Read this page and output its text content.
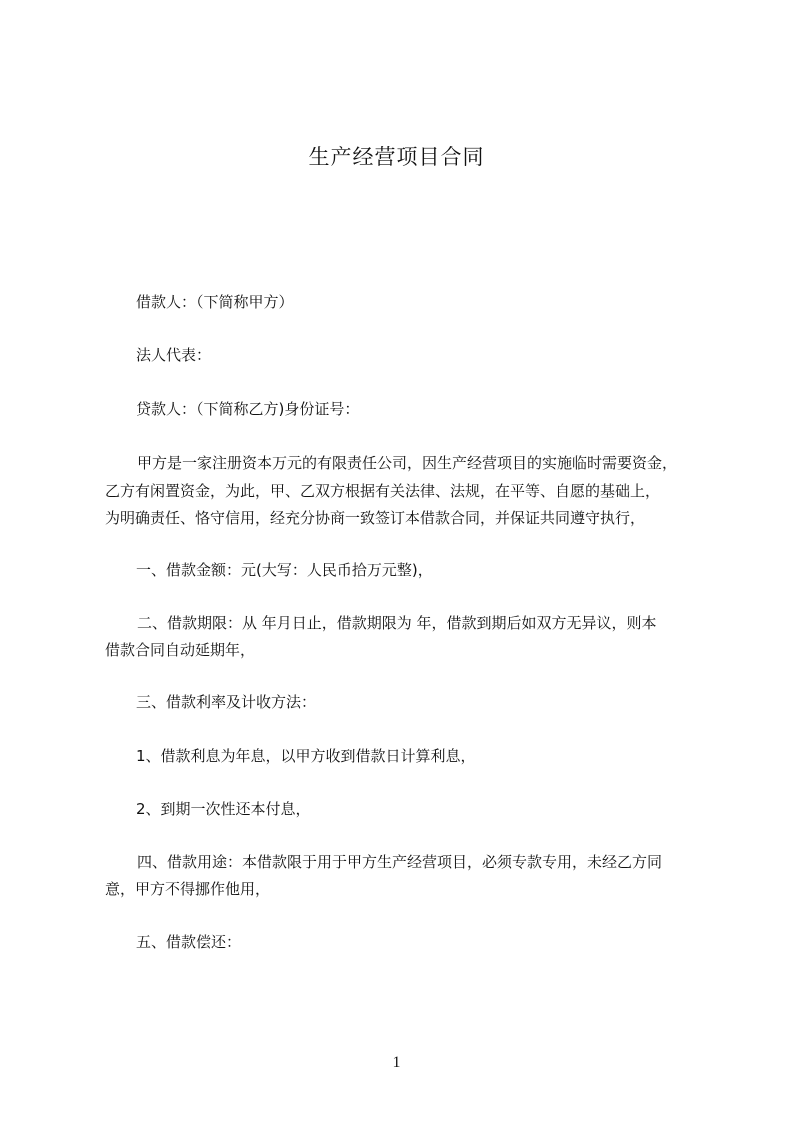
生产经营项目合同
借款人：（下简称甲方）
法人代表：
贷款人：（下简称乙方)身份证号：
甲方是一家注册资本万元的有限责任公司，因生产经营项目的实施临时需要资金，
乙方有闲置资金，为此，甲、乙双方根据有关法律、法规，在平等、自愿的基础上，
为明确责任、恪守信用，经充分协商一致签订本借款合同，并保证共同遵守执行，
一、借款金额：元(大写：人民币拾万元整)，
二、借款期限：从 年月日止，借款期限为 年，借款到期后如双方无异议，则本
借款合同自动延期年，
三、借款利率及计收方法：
1、借款利息为年息，以甲方收到借款日计算利息，
2、到期一次性还本付息，
四、借款用途：本借款限于用于甲方生产经营项目，必须专款专用，未经乙方同
意，甲方不得挪作他用，
五、借款偿还：
1
